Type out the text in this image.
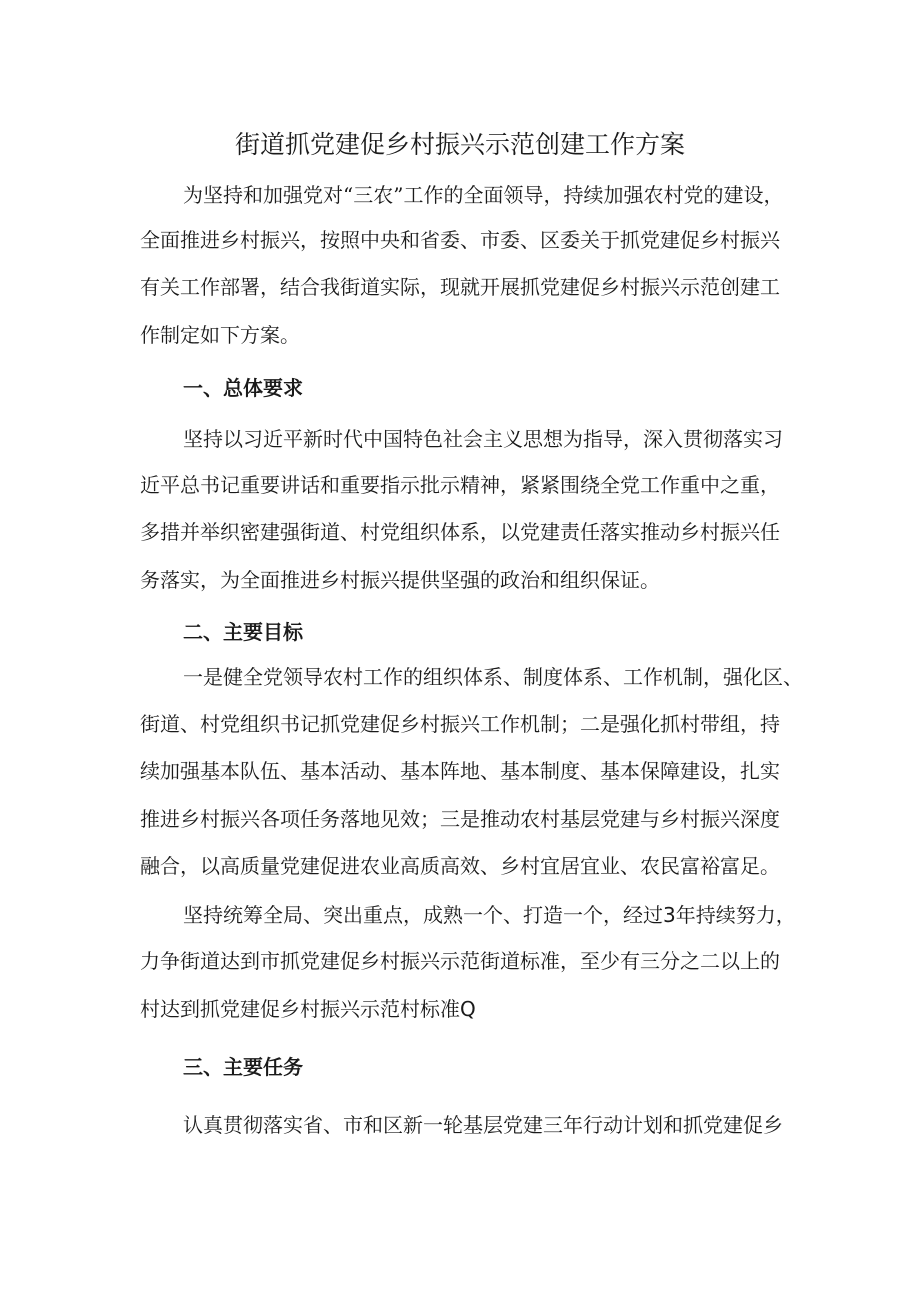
街道抓党建促乡村振兴示范创建工作方案

为坚持和加强党对“三农”工作的全面领导，持续加强农村党的建设，

全面推进乡村振兴，按照中央和省委、市委、区委关于抓党建促乡村振兴

有关工作部署，结合我街道实际，现就开展抓党建促乡村振兴示范创建工

作制定如下方案。

一、总体要求

坚持以习近平新时代中国特色社会主义思想为指导，深入贯彻落实习

近平总书记重要讲话和重要指示批示精神，紧紧围绕全党工作重中之重，

多措并举织密建强街道、村党组织体系，以党建责任落实推动乡村振兴任

务落实，为全面推进乡村振兴提供坚强的政治和组织保证。

二、主要目标

一是健全党领导农村工作的组织体系、制度体系、工作机制，强化区、

街道、村党组织书记抓党建促乡村振兴工作机制；二是强化抓村带组，持

续加强基本队伍、基本活动、基本阵地、基本制度、基本保障建设，扎实

推进乡村振兴各项任务落地见效；三是推动农村基层党建与乡村振兴深度

融合，以高质量党建促进农业高质高效、乡村宜居宜业、农民富裕富足。

坚持统筹全局、突出重点，成熟一个、打造一个，经过3年持续努力，

力争街道达到市抓党建促乡村振兴示范街道标准，至少有三分之二以上的

村达到抓党建促乡村振兴示范村标准Q

三、主要任务

认真贯彻落实省、市和区新一轮基层党建三年行动计划和抓党建促乡
